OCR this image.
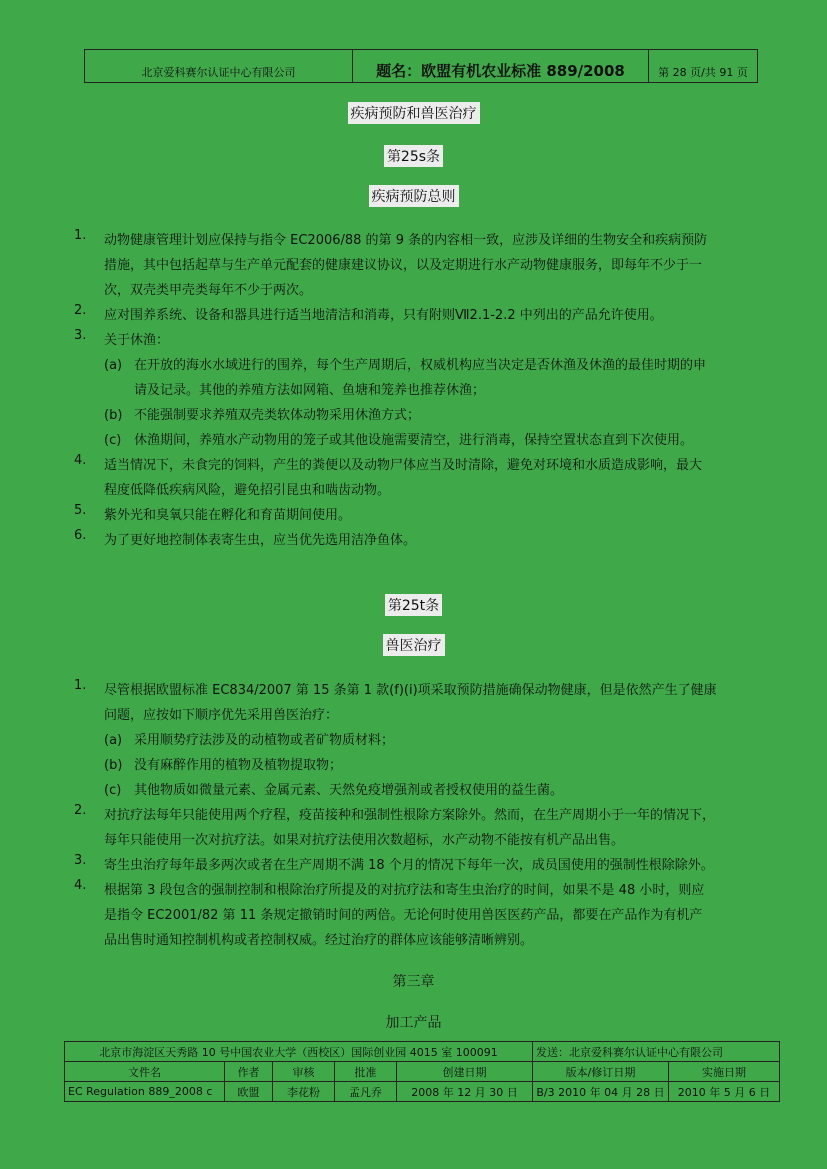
北京爱科赛尔认证中心有限公司	题名：欧盟有机农业标准 889/2008	第 28 页/共 91 页
疾病预防和兽医治疗
第25s条
疾病预防总则
1.	动物健康管理计划应保持与指令 EC2006/88 的第 9 条的内容相一致，应涉及详细的生物安全和疾病预防
措施，其中包括起草与生产单元配套的健康建议协议，以及定期进行水产动物健康服务，即每年不少于一
次，双壳类甲壳类每年不少于两次。
2.	应对围养系统、设备和器具进行适当地清洁和消毒，只有附则Ⅶ2.1-2.2 中列出的产品允许使用。
3.	关于休渔：
(a) 在开放的海水水域进行的围养，每个生产周期后，权威机构应当决定是否休渔及休渔的最佳时期的申
请及记录。其他的养殖方法如网箱、鱼塘和笼养也推荐休渔；
(b) 不能强制要求养殖双壳类软体动物采用休渔方式；
(c) 休渔期间，养殖水产动物用的笼子或其他设施需要清空，进行消毒，保持空置状态直到下次使用。
4.	适当情况下，未食完的饲料，产生的粪便以及动物尸体应当及时清除，避免对环境和水质造成影响，最大
程度低降低疾病风险，避免招引昆虫和啮齿动物。
5.	紫外光和臭氧只能在孵化和育苗期间使用。
6.	为了更好地控制体表寄生虫，应当优先选用洁净鱼体。
第25t条
兽医治疗
1.	尽管根据欧盟标准 EC834/2007 第 15 条第 1 款(f)(i)项采取预防措施确保动物健康，但是依然产生了健康
问题，应按如下顺序优先采用兽医治疗：
(a) 采用顺势疗法涉及的动植物或者矿物质材料；
(b) 没有麻醉作用的植物及植物提取物；
(c) 其他物质如微量元素、金属元素、天然免疫增强剂或者授权使用的益生菌。
2.	对抗疗法每年只能使用两个疗程，疫苗接种和强制性根除方案除外。然而，在生产周期小于一年的情况下，
每年只能使用一次对抗疗法。如果对抗疗法使用次数超标，水产动物不能按有机产品出售。
3.	寄生虫治疗每年最多两次或者在生产周期不满 18 个月的情况下每年一次，成员国使用的强制性根除除外。
4.	根据第 3 段包含的强制控制和根除治疗所提及的对抗疗法和寄生虫治疗的时间，如果不是 48 小时，则应
是指令 EC2001/82 第 11 条规定撤销时间的两倍。无论何时使用兽医医药产品，都要在产品作为有机产
品出售时通知控制机构或者控制权威。经过治疗的群体应该能够清晰辨别。
第三章
加工产品
北京市海淀区天秀路 10 号中国农业大学（西校区）国际创业园 4015 室 100091					发送：北京爱科赛尔认证中心有限公司	
文件名	作者	审核	批准	创建日期	版本/修订日期	实施日期
EC Regulation 889_2008 c	欧盟	李花粉	孟凡乔	2008 年 12 月 30 日	B/3 2010 年 04 月 28 日	2010 年 5 月 6 日
